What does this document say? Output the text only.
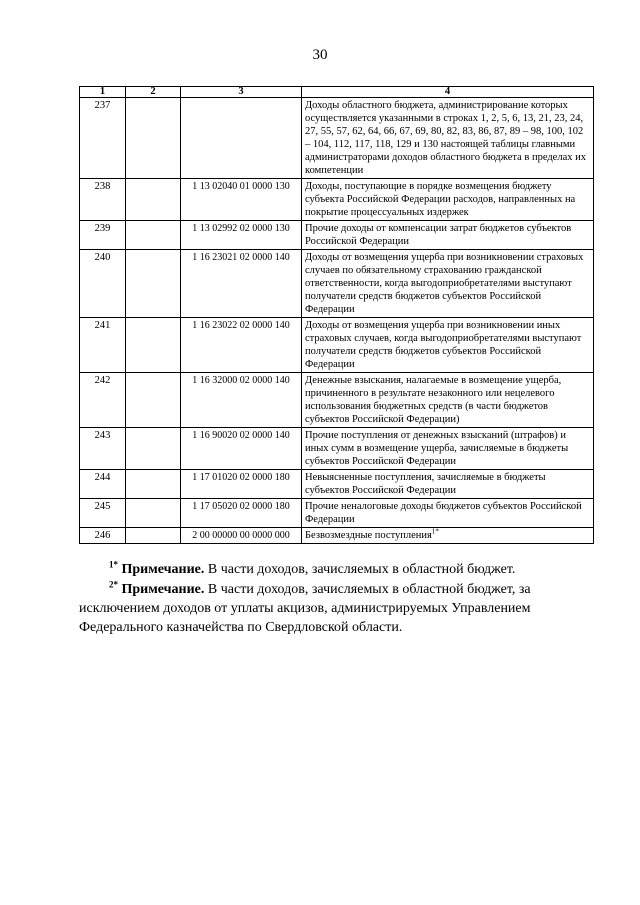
30
1	2	3	4
237			Доходы областного бюджета, администрирование которых осуществляется указанными в строках 1, 2, 5, 6, 13, 21, 23, 24, 27, 55, 57, 62, 64, 66, 67, 69, 80, 82, 83, 86, 87, 89 – 98, 100, 102 – 104, 112, 117, 118, 129 и 130 настоящей таблицы главными администраторами доходов областного бюджета в пределах их компетенции
238		1 13 02040 01 0000 130	Доходы, поступающие в порядке возмещения бюджету субъекта Российской Федерации расходов, направленных на покрытие процессуальных издержек
239		1 13 02992 02 0000 130	Прочие доходы от компенсации затрат бюджетов субъектов Российской Федерации
240		1 16 23021 02 0000 140	Доходы от возмещения ущерба при возникновении страховых случаев по обязательному страхованию гражданской ответственности, когда выгодоприобретателями выступают получатели средств бюджетов субъектов Российской Федерации
241		1 16 23022 02 0000 140	Доходы от возмещения ущерба при возникновении иных страховых случаев, когда выгодоприобретателями выступают получатели средств бюджетов субъектов Российской Федерации
242		1 16 32000 02 0000 140	Денежные взыскания, налагаемые в возмещение ущерба, причиненного в результате незаконного или нецелевого использования бюджетных средств (в части бюджетов субъектов Российской Федерации)
243		1 16 90020 02 0000 140	Прочие поступления от денежных взысканий (штрафов) и иных сумм в возмещение ущерба, зачисляемые в бюджеты субъектов Российской Федерации
244		1 17 01020 02 0000 180	Невыясненные поступления, зачисляемые в бюджеты субъектов Российской Федерации
245		1 17 05020 02 0000 180	Прочие неналоговые доходы бюджетов субъектов Российской Федерации
246		2 00 00000 00 0000 000	Безвозмездные поступления$^{1*}$

$^{1*}$ Примечание. В части доходов, зачисляемых в областной бюджет.

$^{2*}$ Примечание. В части доходов, зачисляемых в областной бюджет, за исключением доходов от уплаты акцизов, администрируемых Управлением Федерального казначейства по Свердловской области.
